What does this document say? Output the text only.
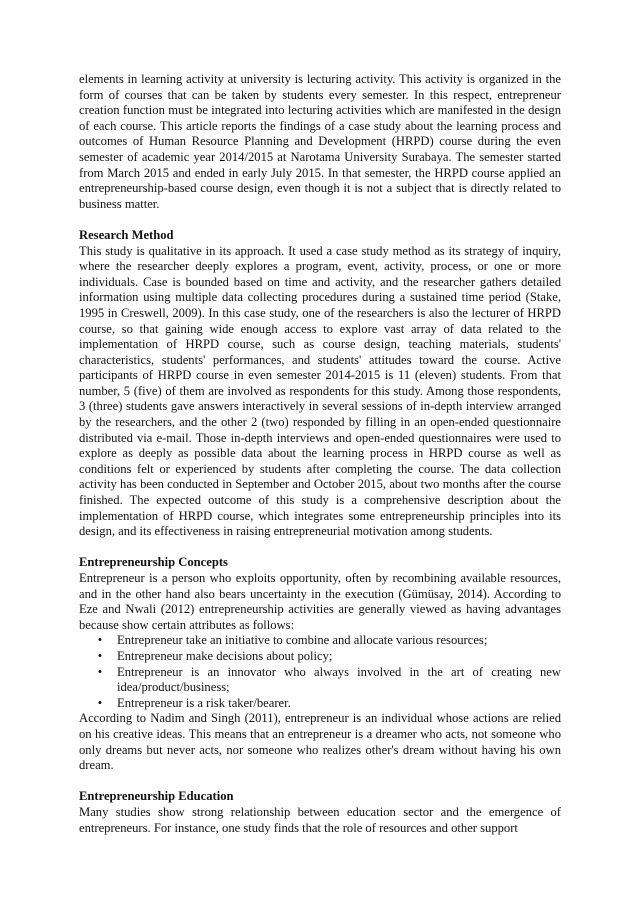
elements in learning activity at university is lecturing activity. This activity is organized in the form of courses that can be taken by students every semester. In this respect, entrepreneur creation function must be integrated into lecturing activities which are manifested in the design of each course. This article reports the findings of a case study about the learning process and outcomes of Human Resource Planning and Development (HRPD) course during the even semester of academic year 2014/2015 at Narotama University Surabaya. The semester started from March 2015 and ended in early July 2015. In that semester, the HRPD course applied an entrepreneurship-based course design, even though it is not a subject that is directly related to business matter.

Research Method

This study is qualitative in its approach. It used a case study method as its strategy of inquiry, where the researcher deeply explores a program, event, activity, process, or one or more individuals. Case is bounded based on time and activity, and the researcher gathers detailed information using multiple data collecting procedures during a sustained time period (Stake, 1995 in Creswell, 2009). In this case study, one of the researchers is also the lecturer of HRPD course, so that gaining wide enough access to explore vast array of data related to the implementation of HRPD course, such as course design, teaching materials, students' characteristics, students' performances, and students' attitudes toward the course. Active participants of HRPD course in even semester 2014-2015 is 11 (eleven) students. From that number, 5 (five) of them are involved as respondents for this study. Among those respondents, 3 (three) students gave answers interactively in several sessions of in-depth interview arranged by the researchers, and the other 2 (two) responded by filling in an open-ended questionnaire distributed via e-mail. Those in-depth interviews and open-ended questionnaires were used to explore as deeply as possible data about the learning process in HRPD course as well as conditions felt or experienced by students after completing the course. The data collection activity has been conducted in September and October 2015, about two months after the course finished. The expected outcome of this study is a comprehensive description about the implementation of HRPD course, which integrates some entrepreneurship principles into its design, and its effectiveness in raising entrepreneurial motivation among students.

Entrepreneurship Concepts

Entrepreneur is a person who exploits opportunity, often by recombining available resources, and in the other hand also bears uncertainty in the execution (Gümüsay, 2014). According to Eze and Nwali (2012) entrepreneurship activities are generally viewed as having advantages because show certain attributes as follows:

•	Entrepreneur take an initiative to combine and allocate various resources;
•	Entrepreneur make decisions about policy;
•	Entrepreneur is an innovator who always involved in the art of creating new idea/product/business;
•	Entrepreneur is a risk taker/bearer.

According to Nadim and Singh (2011), entrepreneur is an individual whose actions are relied on his creative ideas. This means that an entrepreneur is a dreamer who acts, not someone who only dreams but never acts, nor someone who realizes other's dream without having his own dream.

Entrepreneurship Education

Many studies show strong relationship between education sector and the emergence of entrepreneurs. For instance, one study finds that the role of resources and other support
